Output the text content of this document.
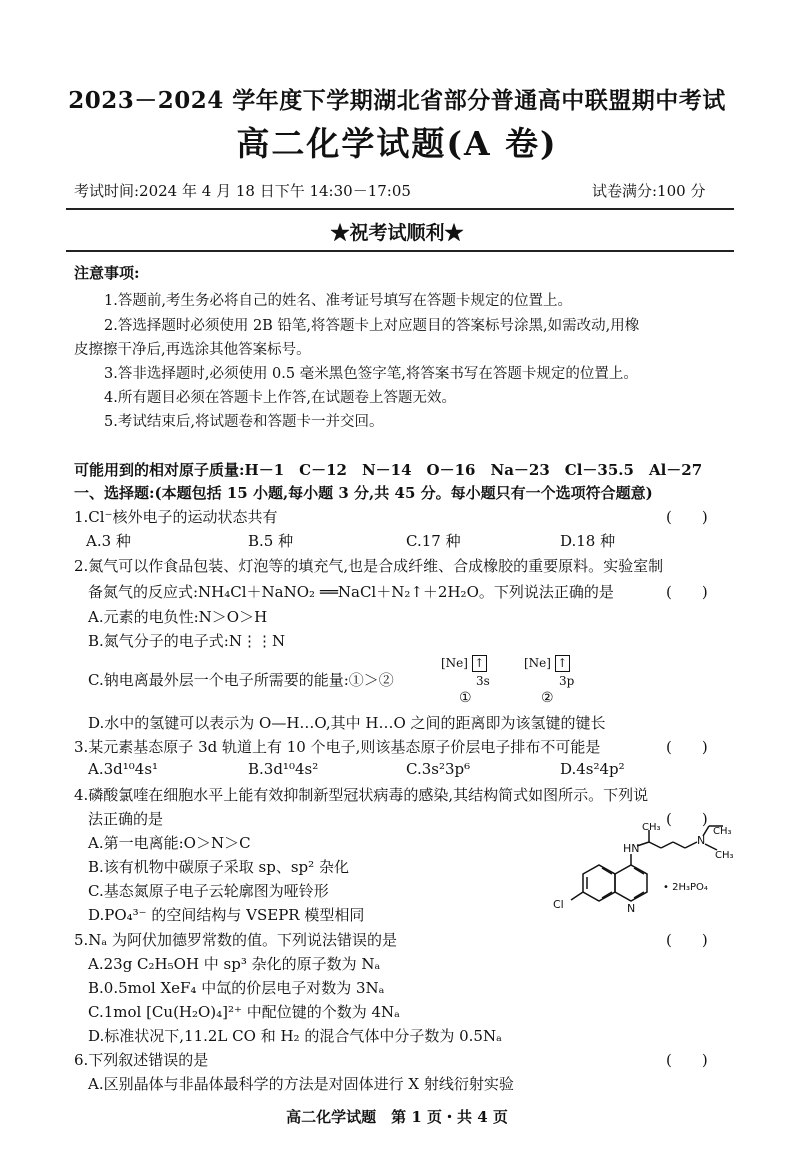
2023－2024 学年度下学期湖北省部分普通高中联盟期中考试
高二化学试题(A 卷)
考试时间:2024 年 4 月 18 日下午 14:30－17:05	试卷满分:100 分
★祝考试顺利★
注意事项:
1.答题前,考生务必将自己的姓名、准考证号填写在答题卡规定的位置上。
2.答选择题时必须使用 2B 铅笔,将答题卡上对应题目的答案标号涂黑,如需改动,用橡
皮擦擦干净后,再选涂其他答案标号。
3.答非选择题时,必须使用 0.5 毫米黑色签字笔,将答案书写在答题卡规定的位置上。
4.所有题目必须在答题卡上作答,在试题卷上答题无效。
5.考试结束后,将试题卷和答题卡一并交回。
可能用到的相对原子质量:H－1　C－12　N－14　O－16　Na－23　Cl－35.5　Al－27
一、选择题:(本题包括 15 小题,每小题 3 分,共 45 分。每小题只有一个选项符合题意)
1.Cl⁻核外电子的运动状态共有	(　　)
A.3 种	B.5 种	C.17 种	D.18 种
2.氮气可以作食品包装、灯泡等的填充气,也是合成纤维、合成橡胶的重要原料。实验室制
备氮气的反应式:NH₄Cl＋NaNO₂ ══NaCl＋N₂↑＋2H₂O。下列说法正确的是	(　　)
A.元素的电负性:N＞O＞H
B.氮气分子的电子式:N⋮⋮N
C.钠电离最外层一个电子所需要的能量:①＞②
[Ne] ↑
3s
①
[Ne] ↑
3p
②
D.水中的氢键可以表示为 O—H…O,其中 H…O 之间的距离即为该氢键的键长
3.某元素基态原子 3d 轨道上有 10 个电子,则该基态原子价层电子排布不可能是	(　　)
A.3d¹⁰4s¹	B.3d¹⁰4s²	C.3s²3p⁶	D.4s²4p²
4.磷酸氯喹在细胞水平上能有效抑制新型冠状病毒的感染,其结构简式如图所示。下列说
法正确的是	(　　)
A.第一电离能:O＞N＞C
B.该有机物中碳原子采取 sp、sp² 杂化
C.基态氮原子电子云轮廓图为哑铃形
D.PO₄³⁻ 的空间结构与 VSEPR 模型相同
CH₃
HN
N
CH₃
CH₃
Cl	N
• 2H₃PO₄
5.Nₐ 为阿伏加德罗常数的值。下列说法错误的是	(　　)
A.23g C₂H₅OH 中 sp³ 杂化的原子数为 Nₐ
B.0.5mol XeF₄ 中氙的价层电子对数为 3Nₐ
C.1mol [Cu(H₂O)₄]²⁺ 中配位键的个数为 4Nₐ
D.标准状况下,11.2L CO 和 H₂ 的混合气体中分子数为 0.5Nₐ
6.下列叙述错误的是	(　　)
A.区别晶体与非晶体最科学的方法是对固体进行 X 射线衍射实验
高二化学试题　第 1 页・共 4 页
